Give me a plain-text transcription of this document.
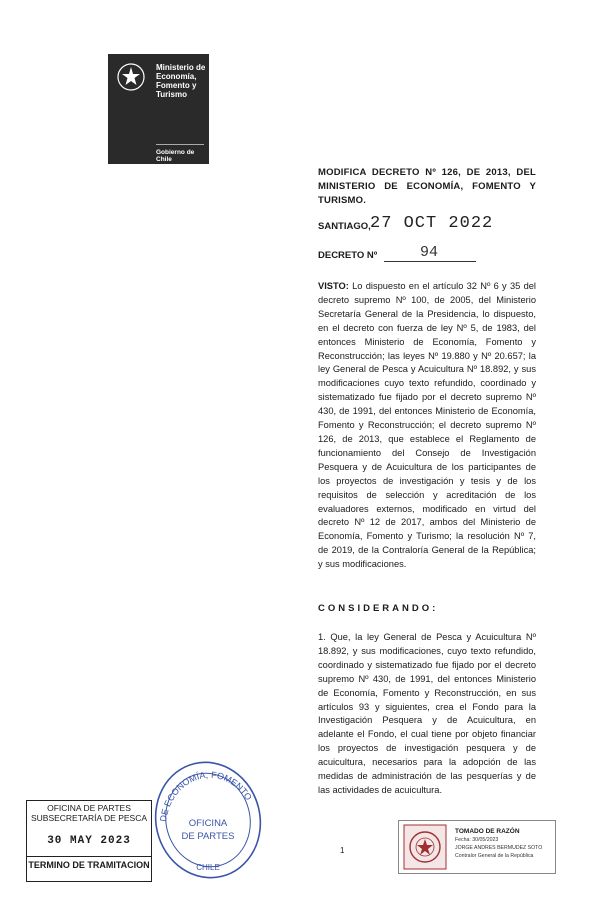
Ministerio de
Economía,
Fomento y
Turismo
Gobierno de Chile
MODIFICA DECRETO Nº 126, DE 2013, DEL MINISTERIO DE ECONOMÍA, FOMENTO Y TURISMO.
SANTIAGO, 27 OCT 2022
DECRETO Nº	94
VISTO: Lo dispuesto en el artículo 32 Nº 6 y 35 del decreto supremo Nº 100, de 2005, del Ministerio Secretaría General de la Presidencia, lo dispuesto, en el decreto con fuerza de ley Nº 5, de 1983, del entonces Ministerio de Economía, Fomento y Reconstrucción; las leyes Nº 19.880 y Nº 20.657; la ley General de Pesca y Acuicultura Nº 18.892, y sus modificaciones cuyo texto refundido, coordinado y sistematizado fue fijado por el decreto supremo Nº 430, de 1991, del entonces Ministerio de Economía, Fomento y Reconstrucción; el decreto supremo Nº 126, de 2013, que establece el Reglamento de funcionamiento del Consejo de Investigación Pesquera y de Acuicultura de los participantes de los proyectos de investigación y tesis y de los requisitos de selección y acreditación de los evaluadores externos, modificado en virtud del decreto Nº 12 de 2017, ambos del Ministerio de Economía, Fomento y Turismo; la resolución Nº 7, de 2019, de la Contraloría General de la República; y sus modificaciones.
CONSIDERANDO:
1. Que, la ley General de Pesca y Acuicultura Nº 18.892, y sus modificaciones, cuyo texto refundido, coordinado y sistematizado fue fijado por el decreto supremo Nº 430, de 1991, del entonces Ministerio de Economía, Fomento y Reconstrucción, en sus artículos 93 y siguientes, crea el Fondo para la Investigación Pesquera y de Acuicultura, en adelante el Fondo, el cual tiene por objeto financiar los proyectos de investigación pesquera y de acuicultura, necesarios para la adopción de las medidas de administración de las pesquerías y de las actividades de acuicultura.
DE ECONOMÍA, FOMENTO
OFICINA
DE PARTES
CHILE
OFICINA DE PARTES
SUBSECRETARÍA DE PESCA
30 MAY 2023
TERMINO DE TRAMITACION
1
TOMADO DE RAZÓN
Fecha: 30/05/2023
JORGE ANDRES BERMUDEZ SOTO
Contralor General de la República
